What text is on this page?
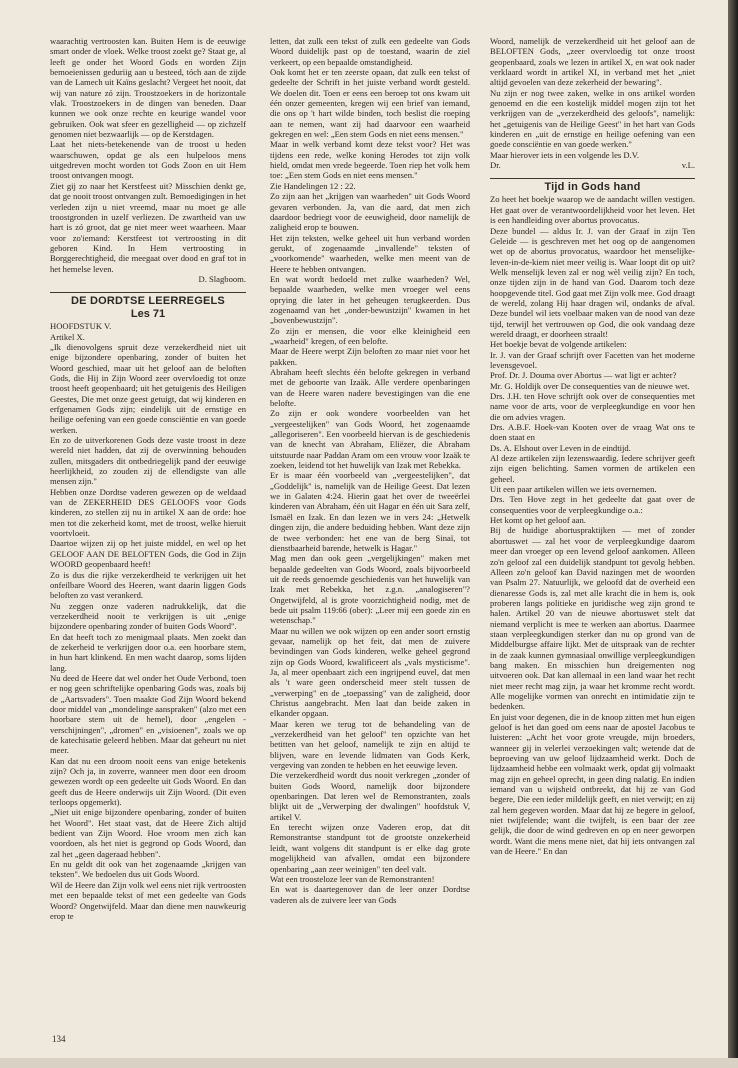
waarachtig vertroosten kan. Buiten Hem is de eeuwige smart onder de vloek. Welke troost zoekt ge? Staat ge, al leeft ge onder het Woord Gods en worden Zijn bemoeienissen geduriig aan u besteed, tóch aan de zijde van de Lamech uit Kaïns geslacht? Vergeet het nooit, dat wij van nature zó zijn. Troostzoekers in de horizontale vlak. Troostzoekers in de dingen van beneden. Daar kunnen we ook onze rechte en keurige wandel voor gebruiken. Ook wat sfeer en gezelligheid — op zichzelf genomen niet bezwaarlijk — op de Kerstdagen.

Laat het niets-betekenende van de troost u heden waarschuwen, opdat ge als een hulpeloos mens uitgedreven mocht worden tot Gods Zoon en uit Hem troost ontvangen moogt.

Ziet gij zo naar het Kerstfeest uit? Misschien denkt ge, dat ge nooit troost ontvangen zult. Bemoedigingen in het verleden zijn u niet vreemd, maar nu moet ge alle troostgronden in uzelf verliezen. De zwartheid van uw hart is zó groot, dat ge niet meer weet waarheen. Maar voor zo'iemand: Kerstfeest tot vertroosting in dit geboren Kind. In Hem vertroosting in Borggerechtigheid, die meegaat over dood en graf tot in het hemelse leven.

D. Slagboom.
DE DORDTSE LEERREGELS
Les 71

HOOFDSTUK V.

Artikel X.

„Ik dienovolgens spruit deze verzekerdheid niet uit enige bijzondere openbaring, zonder of buiten het Woord geschied, maar uit het geloof aan de beloften Gods, die Hij in Zijn Woord zeer overvloedig tot onze troost heeft geopenbaard; uit het getuigenis des Heiligen Geestes, Die met onze geest getuigt, dat wij kinderen en erfgenamen Gods zijn; eindelijk uit de ernstige en heilige oefening van een goede consciëntie en van goede werken.

En zo de uitverkorenen Gods deze vaste troost in deze wereld niet hadden, dat zij de overwinning behouden zullen, mitsgaders dit ontbedriegelijk pand der eeuwige heerlijkheid, zo zouden zij de ellendigste van alle mensen zijn."

Hebben onze Dordtse vaderen gewezen op de weldaad van de ZEKERHEID DES GELOOFS voor Gods kinderen, zo stellen zij nu in artikel X aan de orde: hoe men tot die zekerheid komt, met de troost, welke hieruit voortvloeit.

Daartoe wijzen zij op het juiste middel, en wel op het GELOOF AAN DE BELOFTEN Gods, die God in Zijn WOORD geopenbaard heeft!

Zo is dus die rijke verzekerdheid te verkrijgen uit het onfeilbare Woord des Heeren, want daarin liggen Gods beloften zo vast verankerd.

Nu zeggen onze vaderen nadrukkelijk, dat die verzekerdheid nooit te verkrijgen is uit „enige bijzondere openbaring zonder of buiten Gods Woord".

En dat heeft toch zo menigmaal plaats. Men zoekt dan de zekerheid te verkrijgen door o.a. een hoorbare stem, in hun hart klinkend. En men wacht daarop, soms lijden lang.

Nu deed de Heere dat wel onder het Oude Verbond, toen er nog geen schriftelijke openbaring Gods was, zoals bij de „Aartsvaders". Toen maakte God Zijn Woord bekend door middel van „mondelinge aanspraken" (alzo met een hoorbare stem uit de hemel), door „engelen - verschijningen", „dromen" en „visioenen", zoals we op de katechisatie geleerd hebben. Maar dat geheurt nu niet meer.

Kan dat nu een droom nooit eens van enige betekenis zijn? Och ja, in zoverre, wanneer men door een droom gewezen wordt op een gedeelte uit Gods Woord. En dan geeft dus de Heere onderwijs uit Zijn Woord. (Dit even terloops opgemerkt).

„Niet uit enige bijzondere openbaring, zonder of buiten het Woord". Het staat vast, dat de Heere Zich altijd bedient van Zijn Woord. Hoe vroom men zich kan voordoen, als het niet is gegrond op Gods Woord, dan zal het „geen dageraad hebben".

En nu geldt dit ook van het zogenaamde „krijgen van teksten". We bedoelen dus uit Gods Woord.

Wil de Heere dan Zijn volk wel eens niet rijk vertroosten met een bepaalde tekst of met een gedeelte van Gods Woord? Ongetwijfeld. Maar dan diene men nauwkeurig erop te

letten, dat zulk een tekst of zulk een gedeelte van Gods Woord duidelijk past op de toestand, waarin de ziel verkeert, op een bepaalde omstandigheid.

Ook komt het er ten zeerste opaan, dat zulk een tekst of gedeelte der Schrift in het juiste verband wordt gesteld. We doelen dit. Toen er eens een beroep tot ons kwam uit één onzer gemeenten, kregen wij een brief van iemand, die ons op 't hart wilde binden, toch beslist die roeping aan te nemen, want zij had daarvoor een waarheid gekregen en wel: „Een stem Gods en niet eens mensen."

Maar in welk verband komt deze tekst voor? Het was tijdens een rede, welke koning Herodes tot zijn volk hield, omdat men vrede begeerde. Toen riep het volk hem toe: „Een stem Gods en niet eens mensen."

Zie Handelingen 12 : 22.

Zo zijn aan het „krijgen van waarheden" uit Gods Woord gevaren verbonden. Ja, van die aard, dat men zich daardoor bedriegt voor de eeuwigheid, door namelijk de zaligheid erop te bouwen.

Het zijn teksten, welke geheel uit hun verband worden gerukt, of zogenaamde „invallende" teksten of „voorkomende" waarheden, welke men meent van de Heere te hebben ontvangen.

En wat wordt bedoeld met zulke waarheden? Wel, bepaalde waarheden, welke men vroeger wel eens oprying die later in het geheugen terugkeerden. Dus zogenaamd van het „onder-bewustzijn" kwamen in het „bovenbewustzijn".

Zo zijn er mensen, die voor elke kleinigheid een „waarheid" kregen, of een belofte.

Maar de Heere werpt Zijn beloften zo maar niet voor het pakken.

Abraham heeft slechts één belofte gekregen in verband met de geboorte van Izaäk. Alle verdere openbaringen van de Heere waren nadere bevestigingen van die ene belofte.

Zo zijn er ook wondere voorbeelden van het „vergeestelijken" van Gods Woord, het zogenaamde „allegoriseren". Een voorbeeld hiervan is de geschiedenis van de knecht van Abraham, Eliëzer, die Abraham uitstuurde naar Paddan Aram om een vrouw voor Izaäk te zoeken, leidend tot het huwelijk van Izak met Rebekka.

Er is maar één voorbeeld van „vergeestelijken", dat „Goddelijk" is, namelijk van de Heilige Geest. Dat lezen we in Galaten 4:24. Hierin gaat het over de tweeërlei kinderen van Abraham, één uit Hagar en één uit Sara zelf, Ismaël en Izak. En dan lezen we in vers 24: „Hetwelk dingen zijn, die andere beduiding hebben. Want deze zijn de twee verbonden: het ene van de berg Sinaï, tot dienstbaarheid barende, hetwelk is Hagar."

Mag men dan ook geen „vergelijkingen" maken met bepaalde gedeelten van Gods Woord, zoals bijvoorbeeld uit de reeds genoemde geschiedenis van het huwelijk van Izak met Rebekka, het z.g.n. „analogiseren"? Ongetwijfeld, al is grote voorzichtigheid nodig, met de bede uit psalm 119:66 (ober): „Leer mij een goede zin en wetenschap."

Maar nu willen we ook wijzen op een ander soort ernstig gevaar, namelijk op het feit, dat men de zuivere bevindingen van Gods kinderen, welke geheel gegrond zijn op Gods Woord, kwalificeert als „vals mysticisme". Ja, al meer openbaart zich een ingrijpend euvel, dat men als 't ware geen onderscheid meer stelt tussen de „verwerping" en de „toepassing" van de zaligheid, door Christus aangebracht. Men laat dan beide zaken in elkander opgaan.

Maar keren we terug tot de behandeling van de „verzekerdheid van het geloof" ten opzichte van het betitten van het geloof, namelijk te zijn en altijd te blijven, ware en levende lidmaten van Gods Kerk, vergeving van zonden te hebben en het eeuwige leven.

Die verzekerdheid wordt dus nooit verkregen „zonder of buiten Gods Woord, namelijk door bijzondere openbaringen. Dat leren wel de Remonstranten, zoals blijkt uit de „Verwerping der dwalingen" hoofdstuk V, artikel V.

En terecht wijzen onze Vaderen erop, dat dit Remonstrantse standpunt tot de grootste onzekerheid leidt, want volgens dit standpunt is er elke dag grote mogelijkheid van afvallen, omdat een bijzondere openbaring „aan zeer weinigen" ten deel valt.

Wat een troosteloze leer van de Remonstranten!

En wat is daartegenover dan de leer onzer Dordtse vaderen als de zuivere leer van Gods

Woord, namelijk de verzekerdheid uit het geloof aan de BELOFTEN Gods, „zeer overvloedig tot onze troost geopenbaard, zoals we lezen in artikel X, en wat ook nader verklaard wordt in artikel XI, in verband met het „niet altijd gevoelen van deze zekerheid der bewaring".

Nu zijn er nog twee zaken, welke in ons artikel worden genoemd en die een kostelijk middel mogen zijn tot het verkrijgen van de „verzekerdheid des geloofs", namelijk: het „getuigenis van de Heilige Geest" in het hart van Gods kinderen en „uit de ernstige en heilige oefening van een goede consciëntie en van goede werken."

Maar hierover iets in een volgende les D.V.

Dr.	v.L.
Tijd in Gods hand

Zo heet het boekje waarop we de aandacht willen vestigen. Het gaat over de verantwoordelijkheid voor het leven. Het is een handleiding over abortus provocatus.

Deze bundel — aldus Ir. J. van der Graaf in zijn Ten Geleide — is geschreven met het oog op de aangenomen wet op de abortus provocatus, waardoor het menselijke-leven-in-de-kiem niet meer veilig is. Waar loopt dit op uit? Welk menselijk leven zal er nog wèl veilig zijn? En toch, onze tijden zijn in de hand van God. Daarom toch deze hoopgevende titel. God gaat met Zijn volk mee. God draagt de wereld, zolang Hij haar dragen wil, ondanks de afval. Deze bundel wil iets voelbaar maken van de nood van deze tijd, terwijl het vertrouwen op God, die ook vandaag deze wereld draagt, er doorheen straalt!

Het boekje bevat de volgende artikelen:

Ir. J. van der Graaf schrijft over Facetten van het moderne levensgevoel.

Prof. Dr. J. Douma over Abortus — wat ligt er achter?

Mr. G. Holdijk over De consequenties van de nieuwe wet.

Drs. J.H. ten Hove schrijft ook over de consequenties met name voor de arts, voor de verpleegkundige en voor hen die om advies vragen.

Drs. A.B.F. Hoek-van Kooten over de vraag Wat ons te doen staat en

Ds. A. Elshout over Leven in de eindtijd.

Al deze artikelen zijn lezenswaardig. Iedere schrijver geeft zijn eigen belichting. Samen vormen de artikelen een geheel.

Uit een paar artikelen willen we iets overnemen.

Drs. Ten Hove zegt in het gedeelte dat gaat over de consequenties voor de verpleegkundige o.a.:

Het komt op het geloof aan.

Bij de huidige abortuspraktijken — met of zonder abortuswet — zal het voor de verpleegkundige daarom meer dan vroeger op een levend geloof aankomen. Alleen zo'n geloof zal een duidelijk standpunt tot gevolg hebben. Alleen zo'n geloof kan David nazingen met de woorden van Psalm 27. Natuurlijk, we geloofd dat de overheid een dienaresse Gods is, zal met alle kracht die in hem is, ook proberen langs politieke en juridische weg zijn grond te halen. Artikel 20 van de nieuwe abortuswet stelt dat niemand verplicht is mee te werken aan abortus. Daarmee staan verpleegkundigen sterker dan nu op grond van de Middelburgse affaire lijkt. Met de uitspraak van de rechter in de zaak kunnen gymnasiaal onwillige verpleegkundigen bang maken. En misschien hun dreigementen nog uitvoeren ook. Dat kan allemaal in een land waar het recht niet meer recht mag zijn, ja waar het kromme recht wordt. Alle mogelijke vormen van onrecht en intimidatie zijn te bedenken.

En juist voor degenen, die in de knoop zitten met hun eigen geloof is het dan goed om eens naar de apostel Jacobus te luisteren: „Acht het voor grote vreugde, mijn broeders, wanneer gij in velerlei verzoekingen valt; wetende dat de beproeving van uw geloof lijdzaamheid werkt. Doch de lijdzaamheid hebbe een volmaakt werk, opdat gij volmaakt mag zijn en geheel oprecht, in geen ding nalatig. En indien iemand van u wijsheid ontbreekt, dat hij ze van God begere, Die een ieder mildelijk geeft, en niet verwijt; en zij zal hem gegeven worden. Maar dat hij ze begere in geloof, niet twijfelende; want die twijfelt, is een baar der zee gelijk, die door de wind gedreven en op en neer geworpen wordt. Want die mens mene niet, dat hij iets ontvangen zal van de Heere." En dan

134
